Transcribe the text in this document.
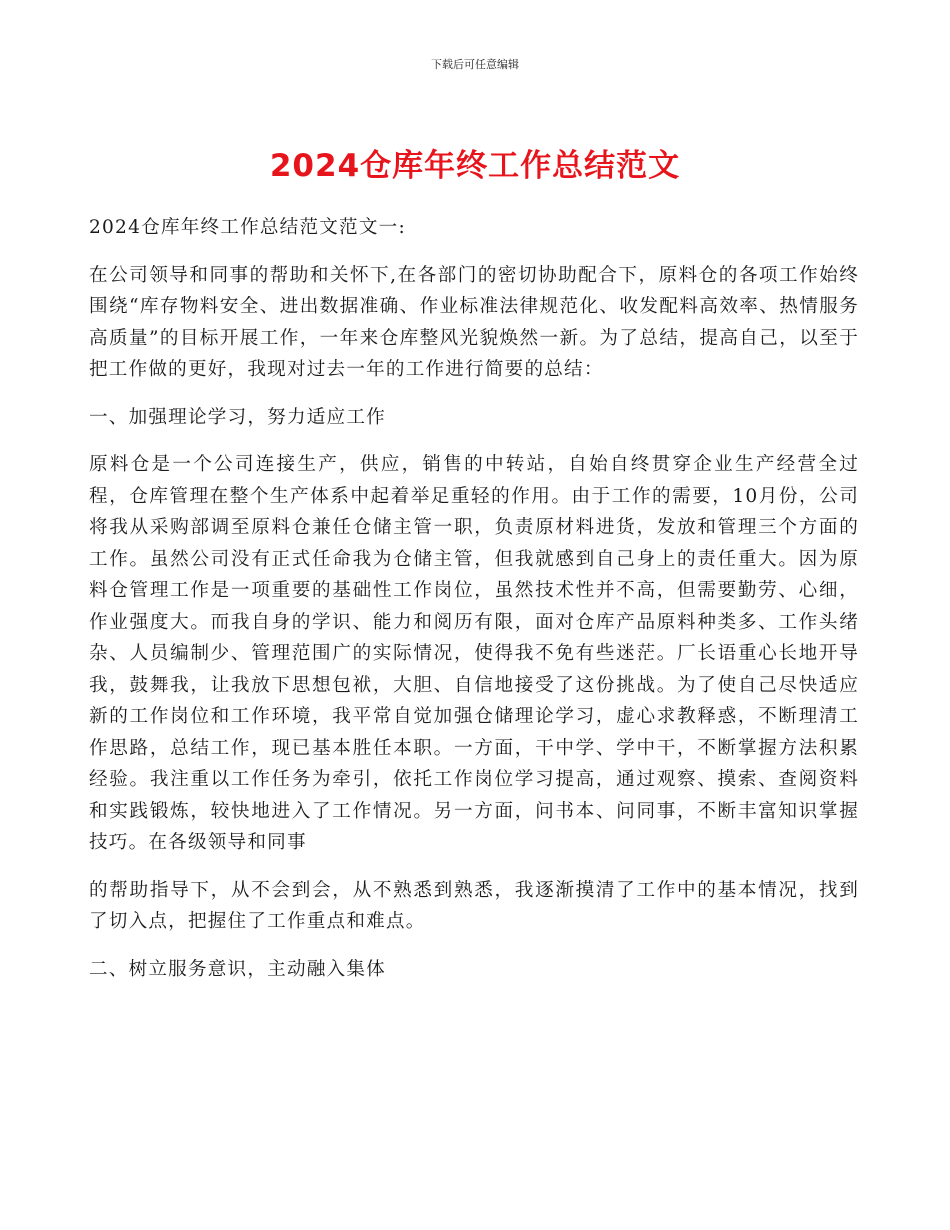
下载后可任意编辑
2024仓库年终工作总结范文

2024仓库年终工作总结范文范文一:

在公司领导和同事的帮助和关怀下,在各部门的密切协助配合下，原料仓的各项工作始终围绕“库存物料安全、进出数据准确、作业标准法律规范化、收发配料高效率、热情服务高质量”的目标开展工作，一年来仓库整风光貌焕然一新。为了总结，提高自己，以至于把工作做的更好，我现对过去一年的工作进行简要的总结：

一、加强理论学习，努力适应工作

原料仓是一个公司连接生产，供应，销售的中转站，自始自终贯穿企业生产经营全过程，仓库管理在整个生产体系中起着举足重轻的作用。由于工作的需要，10月份，公司将我从采购部调至原料仓兼任仓储主管一职，负责原材料进货，发放和管理三个方面的工作。虽然公司没有正式任命我为仓储主管，但我就感到自己身上的责任重大。因为原料仓管理工作是一项重要的基础性工作岗位，虽然技术性并不高，但需要勤劳、心细，作业强度大。而我自身的学识、能力和阅历有限，面对仓库产品原料种类多、工作头绪杂、人员编制少、管理范围广的实际情况，使得我不免有些迷茫。厂长语重心长地开导我，鼓舞我，让我放下思想包袱，大胆、自信地接受了这份挑战。为了使自己尽快适应新的工作岗位和工作环境，我平常自觉加强仓储理论学习，虚心求教释惑，不断理清工作思路，总结工作，现已基本胜任本职。一方面，干中学、学中干，不断掌握方法积累经验。我注重以工作任务为牵引，依托工作岗位学习提高，通过观察、摸索、查阅资料和实践锻炼，较快地进入了工作情况。另一方面，问书本、问同事，不断丰富知识掌握技巧。在各级领导和同事

的帮助指导下，从不会到会，从不熟悉到熟悉，我逐渐摸清了工作中的基本情况，找到了切入点，把握住了工作重点和难点。

二、树立服务意识，主动融入集体
